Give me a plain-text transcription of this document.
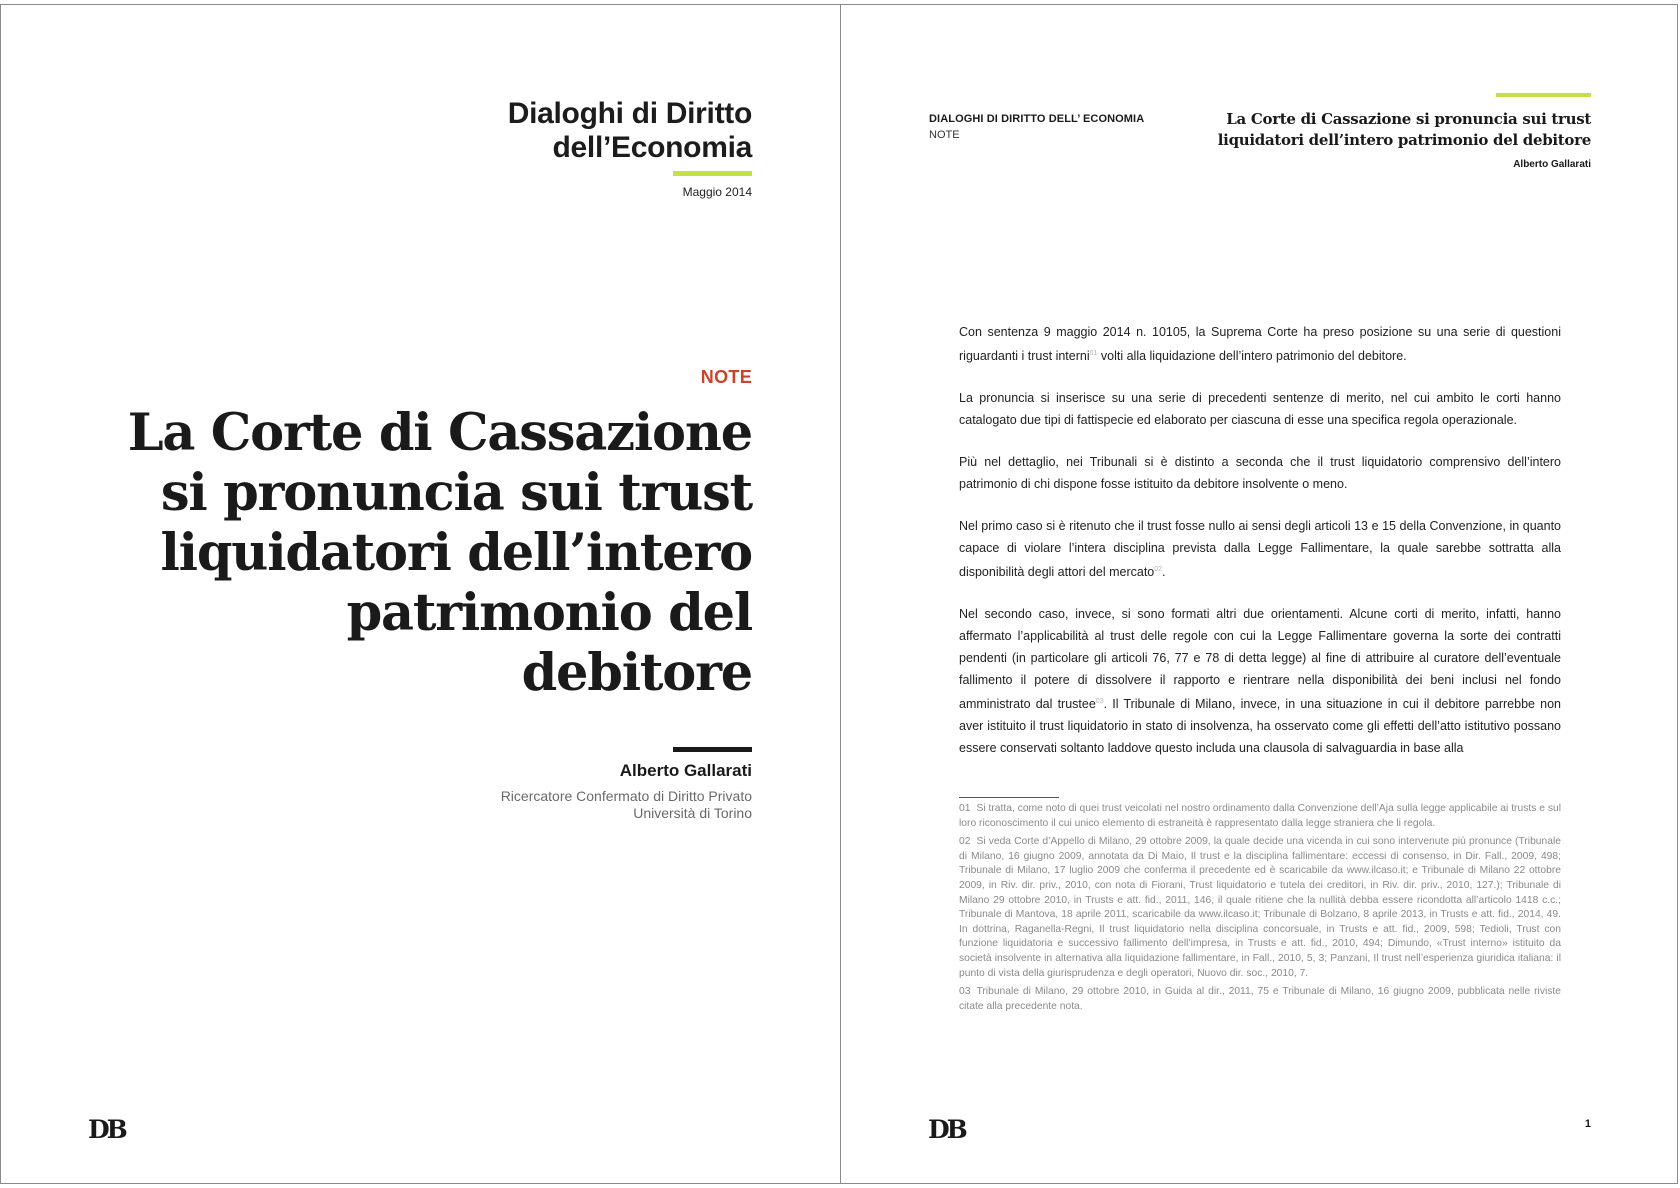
Dialoghi di Diritto
dell’Economia
Maggio 2014
NOTE
La Corte di Cassazione
si pronuncia sui trust
liquidatori dell’intero
patrimonio del
debitore
Alberto Gallarati
Ricercatore Confermato di Diritto Privato
Università di Torino
DB
DIALOGHI DI DIRITTO DELL’ ECONOMIA
NOTE
La Corte di Cassazione si pronuncia sui trust
liquidatori dell’intero patrimonio del debitore
Alberto Gallarati

Con sentenza 9 maggio 2014 n. 10105, la Suprema Corte ha preso posizione su una serie di questioni riguardanti i trust interni$^{01}$ volti alla liquidazione dell’intero patrimonio del debitore.

La pronuncia si inserisce su una serie di precedenti sentenze di merito, nel cui ambito le corti hanno catalogato due tipi di fattispecie ed elaborato per ciascuna di esse una specifica regola operazionale.

Più nel dettaglio, nei Tribunali si è distinto a seconda che il trust liquidatorio comprensivo dell’intero patrimonio di chi dispone fosse istituito da debitore insolvente o meno.

Nel primo caso si è ritenuto che il trust fosse nullo ai sensi degli articoli 13 e 15 della Convenzione, in quanto capace di violare l’intera disciplina prevista dalla Legge Fallimentare, la quale sarebbe sottratta alla disponibilità degli attori del mercato$^{02}$.

Nel secondo caso, invece, si sono formati altri due orientamenti. Alcune corti di merito, infatti, hanno affermato l’applicabilità al trust delle regole con cui la Legge Fallimentare governa la sorte dei contratti pendenti (in particolare gli articoli 76, 77 e 78 di detta legge) al fine di attribuire al curatore dell’eventuale fallimento il potere di dissolvere il rapporto e rientrare nella disponibilità dei beni inclusi nel fondo amministrato dal trustee$^{03}$. Il Tribunale di Milano, invece, in una situazione in cui il debitore parrebbe non aver istituito il trust liquidatorio in stato di insolvenza, ha osservato come gli effetti dell’atto istitutivo possano essere conservati soltanto laddove questo includa una clausola di salvaguardia in base alla

01 Si tratta, come noto di quei trust veicolati nel nostro ordinamento dalla Convenzione dell’Aja sulla legge applicabile ai trusts e sul loro riconoscimento il cui unico elemento di estraneità è rappresentato dalla legge straniera che li regola.

02 Si veda Corte d’Appello di Milano, 29 ottobre 2009, la quale decide una vicenda in cui sono intervenute più pronunce (Tribunale di Milano, 16 giugno 2009, annotata da Di Maio, Il trust e la disciplina fallimentare: eccessi di consenso, in Dir. Fall., 2009, 498; Tribunale di Milano, 17 luglio 2009 che conferma il precedente ed è scaricabile da www.ilcaso.it; e Tribunale di Milano 22 ottobre 2009, in Riv. dir. priv., 2010, con nota di Fiorani, Trust liquidatorio e tutela dei creditori, in Riv. dir. priv., 2010, 127.); Tribunale di Milano 29 ottobre 2010, in Trusts e att. fid., 2011, 146, il quale ritiene che la nullità debba essere ricondotta all’articolo 1418 c.c.; Tribunale di Mantova, 18 aprile 2011, scaricabile da www.ilcaso.it; Tribunale di Bolzano, 8 aprile 2013, in Trusts e att. fid., 2014, 49. In dottrina, Raganella-Regni, Il trust liquidatorio nella disciplina concorsuale, in Trusts e att. fid., 2009, 598; Tedioli, Trust con funzione liquidatoria e successivo fallimento dell’impresa, in Trusts e att. fid., 2010, 494; Dimundo, «Trust interno» istituito da società insolvente in alternativa alla liquidazione fallimentare, in Fall., 2010, 5, 3; Panzani, Il trust nell’esperienza giuridica italiana: il punto di vista della giurisprudenza e degli operatori, Nuovo dir. soc., 2010, 7.

03 Tribunale di Milano, 29 ottobre 2010, in Guida al dir., 2011, 75 e Tribunale di Milano, 16 giugno 2009, pubblicata nelle riviste citate alla precedente nota.

DB	1
